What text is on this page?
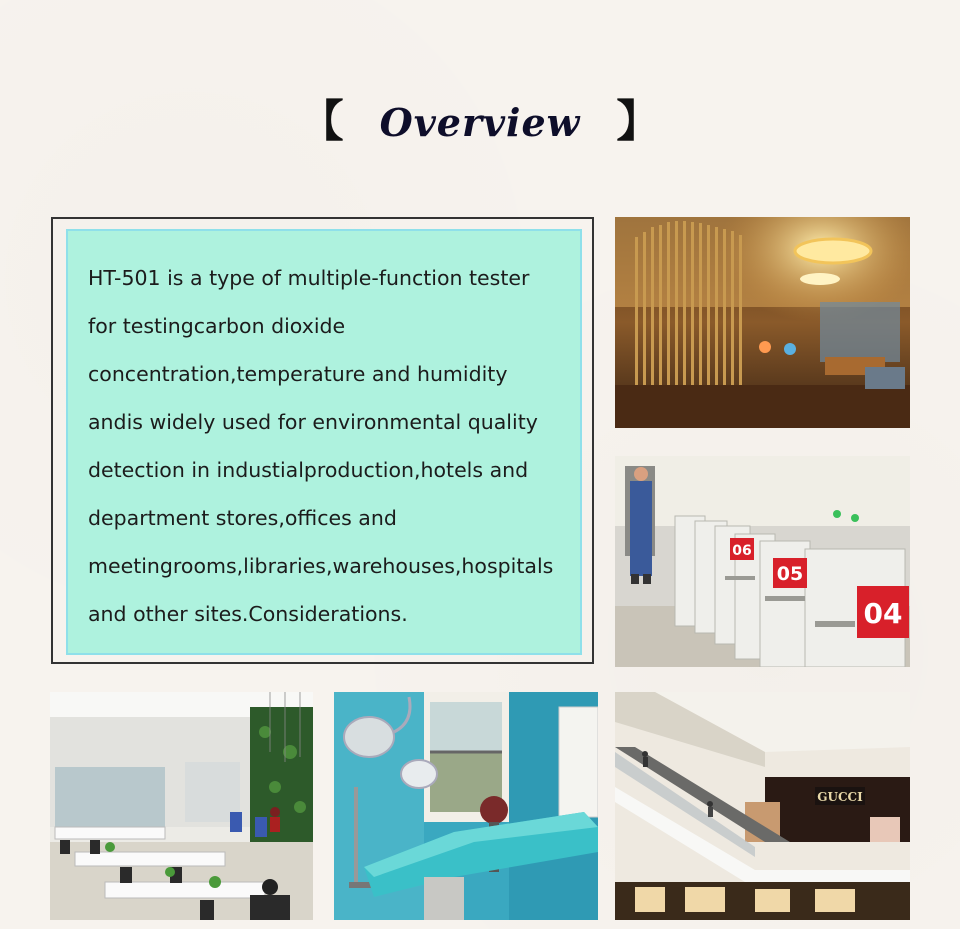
【 Overview 】

HT-501 is a type of multiple-function tester
for testingcarbon dioxide
concentration,temperature and humidity
andis widely used for environmental quality
detection in industialproduction,hotels and
department stores,offices and
meetingrooms,libraries,warehouses,hospitals
and other sites.Considerations.

06
05
04
GUCCI
